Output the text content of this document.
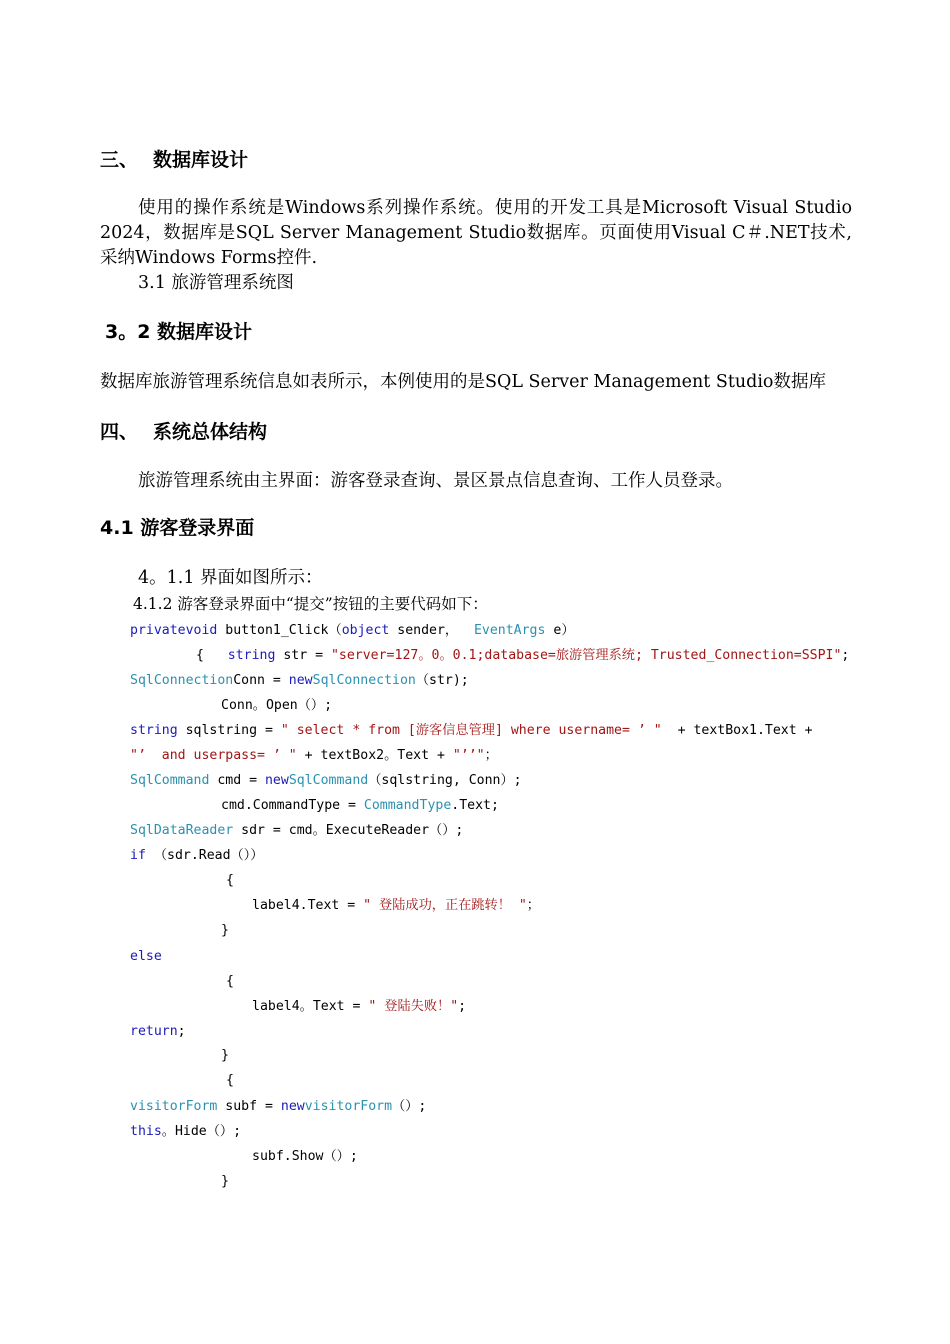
三、 数据库设计
使用的操作系统是Windows系列操作系统。使用的开发工具是Microsoft Visual Studio 2024，数据库是SQL Server Management Studio数据库。页面使用Visual C＃.NET技术,采纳Windows Forms控件.
3.1 旅游管理系统图
3。2 数据库设计
数据库旅游管理系统信息如表所示，本例使用的是SQL Server Management Studio数据库
四、 系统总体结构
旅游管理系统由主界面：游客登录查询、景区景点信息查询、工作人员登录。
4.1 游客登录界面
4。1.1 界面如图所示：
4.1.2 游客登录界面中“提交”按钮的主要代码如下：
privatevoid button1_Click（object sender，  EventArgs e）
{   string str = "server=127。0。0.1;database=旅游管理系统; Trusted_Connection=SSPI";
SqlConnectionConn = newSqlConnection（str);
Conn。Open（）;
string sqlstring = " select * from [游客信息管理] where username= ’ "  + textBox1.Text +
"’  and userpass= ’ " + textBox2。Text + "’’"；
SqlCommand cmd = newSqlCommand（sqlstring, Conn）;
cmd.CommandType = CommandType.Text;
SqlDataReader sdr = cmd。ExecuteReader（）;
if （sdr.Read（））
{
label4.Text = " 登陆成功，正在跳转！ "；
}
else
{
label4。Text = " 登陆失败！";
return;
}
{
visitorForm subf = newvisitorForm（）;
this。Hide（）;
subf.Show（）;
}
